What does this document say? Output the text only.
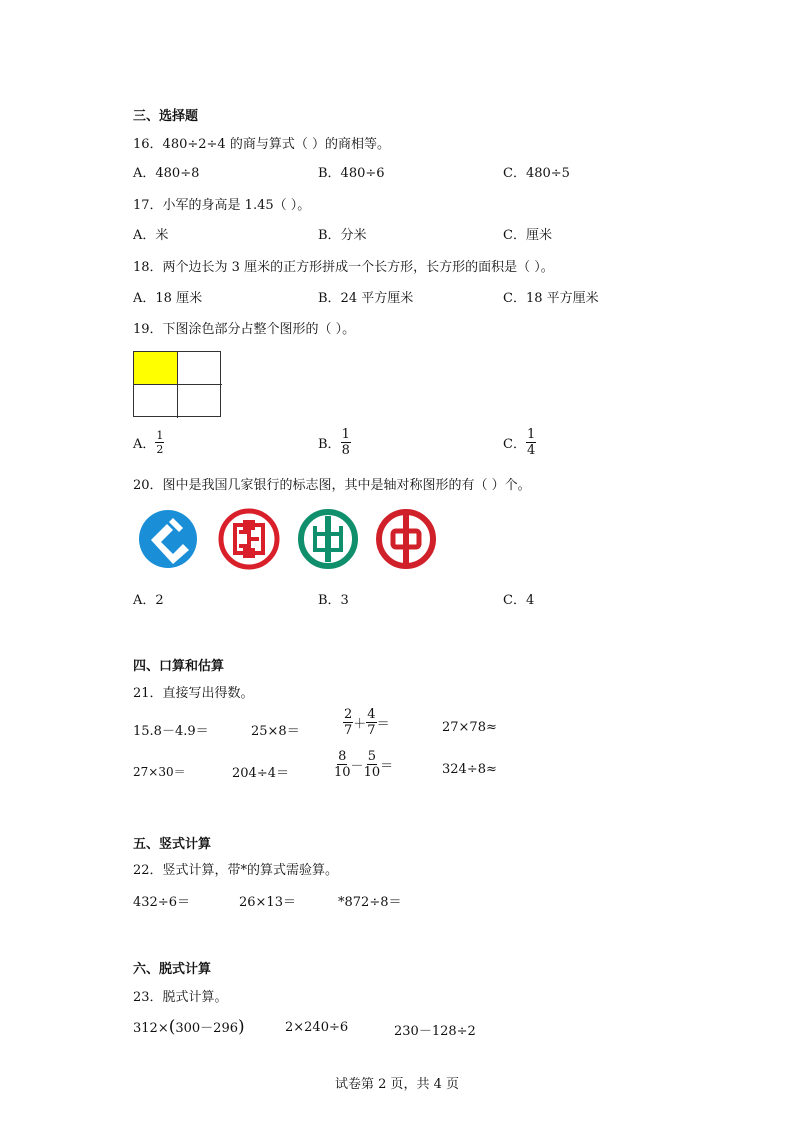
三、选择题
16．480÷2÷4 的商与算式（ ）的商相等。
A．480÷8	B．480÷6	C．480÷5
17．小军的身高是 1.45（ ）。
A．米	B．分米	C．厘米
18．两个边长为 3 厘米的正方形拼成一个长方形，长方形的面积是（ ）。
A．18 厘米	B．24 平方厘米	C．18 平方厘米
19．下图涂色部分占整个图形的（ ）。
A． $\frac{1}{2}$	B． $\frac{1}{8}$	C． $\frac{1}{4}$
20．图中是我国几家银行的标志图，其中是轴对称图形的有（ ）个。
A．2	B．3	C．4
四、口算和估算
21．直接写出得数。
15.8－4.9＝	25×8＝	$\frac{2}{7} + \frac{4}{7}$ ＝	27×78≈
27×30＝	204÷4＝	$\frac{8}{10} - \frac{5}{10}$ ＝	324÷8≈
五、竖式计算
22．竖式计算，带*的算式需验算。
432÷6＝	26×13＝	*872÷8＝
六、脱式计算
23．脱式计算。
312×(300－296)	2×240÷6	230－128÷2
试卷第 2 页，共 4 页
